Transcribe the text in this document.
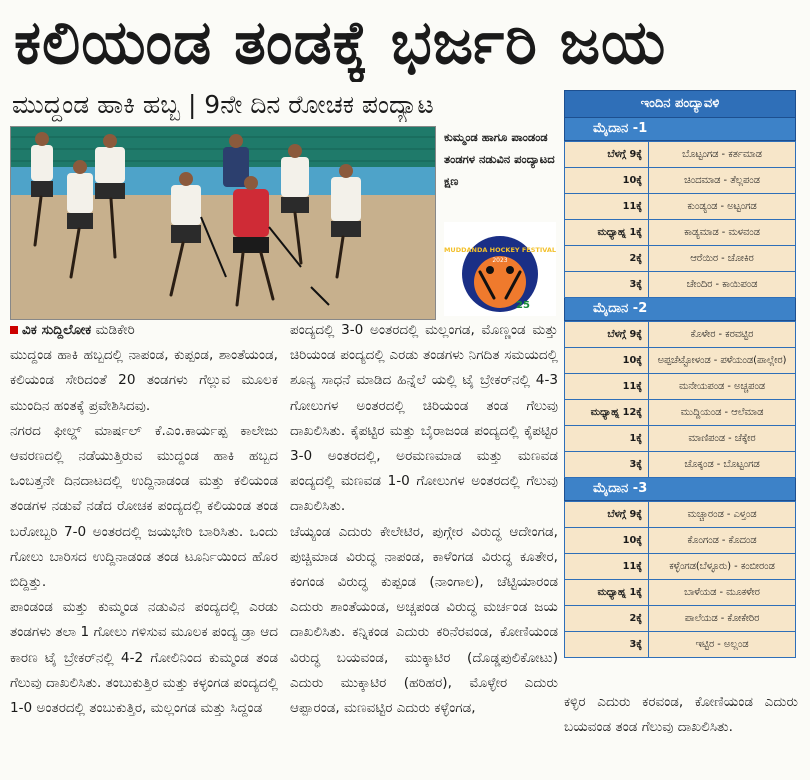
ಕಲಿಯಂಡ ತಂಡಕ್ಕೆ ಭರ್ಜರಿ ಜಯ
ಮುದ್ದಂಡ ಹಾಕಿ ಹಬ್ಬ | 9ನೇ ದಿನ ರೋಚಕ ಪಂದ್ಯಾಟ
ಕುಮ್ಮಂಡ ಹಾಗೂ ಪಾಂಡಂಡ ತಂಡಗಳ ನಡುವಿನ ಪಂದ್ಯಾಟದ ಕ್ಷಣ
MUDDANDA HOCKEY FESTIVAL
2023
25
ವಿಕ ಸುದ್ದಿಲೋಕ ಮಡಿಕೇರಿ
ಮುದ್ದಂಡ ಹಾಕಿ ಹಬ್ಬದಲ್ಲಿ ನಾಪಂಡ, ಕುಪ್ಪಂಡ, ಶಾಂತೆಯಂಡ, ಕಲಿಯಂಡ ಸೇರಿದಂತೆ 20 ತಂಡಗಳು ಗೆಲ್ಲುವ ಮೂಲಕ ಮುಂದಿನ ಹಂತಕ್ಕೆ ಪ್ರವೇಶಿಸಿದವು.
ನಗರದ ಫೀಲ್ಡ್ ಮಾರ್ಷಲ್ ಕೆ.ಎಂ.ಕಾರ್ಯಪ್ಪ ಕಾಲೇಜು ಆವರಣದಲ್ಲಿ ನಡೆಯುತ್ತಿರುವ ಮುದ್ದಂಡ ಹಾಕಿ ಹಬ್ಬದ ಒಂಬತ್ತನೇ ದಿನದಾಟದಲ್ಲಿ ಉದ್ದಿನಾಡಂಡ ಮತ್ತು ಕಲಿಯಂಡ ತಂಡಗಳ ನಡುವೆ ನಡೆದ ರೋಚಕ ಪಂದ್ಯದಲ್ಲಿ ಕಲಿಯಂಡ ತಂಡ ಬರೋಬ್ಬರಿ 7-0 ಅಂತರದಲ್ಲಿ ಜಯಭೇರಿ ಬಾರಿಸಿತು. ಒಂದು ಗೋಲು ಬಾರಿಸದ ಉದ್ದಿನಾಡಂಡ ತಂಡ ಟೂರ್ನಿಯಿಂದ ಹೊರ ಬಿದ್ದಿತ್ತು.
ಪಾಂಡಂಡ ಮತ್ತು ಕುಮ್ಮಂಡ ನಡುವಿನ ಪಂದ್ಯದಲ್ಲಿ ಎರಡು ತಂಡಗಳು ತಲಾ 1 ಗೋಲು ಗಳಿಸುವ ಮೂಲಕ ಪಂದ್ಯ ಡ್ರಾ ಆದ ಕಾರಣ ಟೈ ಬ್ರೇಕರ್‌ನಲ್ಲಿ 4-2 ಗೋಲಿನಿಂದ ಕುಮ್ಮಂಡ ತಂಡ ಗೆಲುವು ದಾಖಲಿಸಿತು. ತಂಬುಕುತ್ತಿರ ಮತ್ತು ಕಳ್ಳಂಗಡ ಪಂದ್ಯದಲ್ಲಿ 1-0 ಅಂತರದಲ್ಲಿ ತಂಬುಕುತ್ತಿರ, ಮಲ್ಲಂಗಡ ಮತ್ತು ಸಿದ್ದಂಡ
ಪಂದ್ಯದಲ್ಲಿ 3-0 ಅಂತರದಲ್ಲಿ ಮಲ್ಲಂಗಡ, ಮೊಣ್ಣಂಡ ಮತ್ತು ಚಿರಿಯಂಡ ಪಂದ್ಯದಲ್ಲಿ ಎರಡು ತಂಡಗಳು ನಿಗದಿತ ಸಮಯದಲ್ಲಿ ಶೂನ್ಯ ಸಾಧನೆ ಮಾಡಿದ ಹಿನ್ನೆಲೆ ಯಲ್ಲಿ ಟೈ ಬ್ರೇಕರ್‌ನಲ್ಲಿ 4-3 ಗೋಲುಗಳ ಅಂತರದಲ್ಲಿ ಚಿರಿಯಂಡ ತಂಡ ಗೆಲುವು ದಾಖಲಿಸಿತು. ಕೈಪಟ್ಟಿರ ಮತ್ತು ಬೈರಾಜಂಡ ಪಂದ್ಯದಲ್ಲಿ ಕೈಪಟ್ಟಿರ 3-0 ಅಂತರದಲ್ಲಿ, ಅರಮಣಮಾಡ ಮತ್ತು ಮಣವಡ ಪಂದ್ಯದಲ್ಲಿ ಮಣವಡ 1-0 ಗೋಲುಗಳ ಅಂತರದಲ್ಲಿ ಗೆಲುವು ದಾಖಲಿಸಿತು.
ಚೆಯ್ಯಂಡ ಎದುರು ಕೇಲೇಟಿರ, ಪುಗ್ಗೇರ ವಿರುದ್ಧ ಆದೇಂಗಡ, ಪುಚ್ಚಿಮಾಡ ವಿರುದ್ಧ ನಾಪಂಡ, ಕಾಳೆಂಗಡ ವಿರುದ್ಧ ಕೂತೇರ, ಕಂಗಂಡ ವಿರುದ್ಧ ಕುಪ್ಪಂಡ (ನಾಂಗಾಲ), ಚೆಟ್ಟಿಯಾರಂಡ ಎದುರು ಶಾಂತೆಯಂಡ, ಅಚ್ಚಪಂಡ ವಿರುದ್ಧ ಮರ್ಚಂಡ ಜಯ ದಾಖಲಿಸಿತು. ಕನ್ನಿಕಂಡ ಎದುರು ಕರಿನೆರವಂಡ, ಕೋಣಿಯಂಡ ವಿರುದ್ಧ ಬಯವಂಡ, ಮುಕ್ಕಾಟಿರ (ದೊಡ್ಡಪುಲಿಕೋಟು) ಎದುರು ಮುಕ್ಕಾಟಿರ (ಹರಿಹರ), ಮೊಳ್ಳೇರ ಎದುರು ಆಪ್ಪಾರಂಡ, ಮಣವಟ್ಟಿರ ಎದುರು ಕಳ್ಳೆಂಗಡ,	ಕಳ್ಳಿರ ಎದುರು ಕರವಂಡ, ಕೋಣಿಯಂಡ ಎದುರು ಬಯವಂಡ ತಂಡ ಗೆಲುವು ದಾಖಲಿಸಿತು.
ಇಂದಿನ ಪಂದ್ಯಾವಳಿ
ಮೈದಾನ -1
ಬೆಳಗ್ಗೆ 9ಕ್ಕೆ	ಬೊಟ್ಟಂಗಡ - ಕರ್ತಮಾಡ
10ಕ್ಕೆ	ಚಿಂದಮಾಡ - ತೆಲ್ಲಪಂಡ
11ಕ್ಕೆ	ಕುಂಡ್ಯಂಡ - ಅಟ್ಟಂಗಡ
ಮಧ್ಯಾಹ್ನ 1ಕ್ಕೆ	ಕಾಡ್ಯಮಾಡ - ಮಳವಂಡ
2ಕ್ಕೆ	ಆರೆಯಿರ - ಚೋಕಿರ
3ಕ್ಕೆ	ಚೇಂದಿರ - ಕಾಯಿಪಂಡ
ಮೈದಾನ -2
ಬೆಳಗ್ಗೆ 9ಕ್ಕೆ	ಕೊಳೇರ - ಕರವಟ್ಟಿರ
10ಕ್ಕೆ	ಅಪ್ಪಚೆಟ್ಟೋಳಂಡ - ಪಳೆಯಂಡ(ಪಾಲ್ಲೇರ)
11ಕ್ಕೆ	ಮನೇಯಪಂಡ - ಅಚ್ಚಪಂಡ
ಮಧ್ಯಾಹ್ನ 12ಕ್ಕೆ	ಮುದ್ದಿಯಂಡ - ಆಲೆಮಾಡ
1ಕ್ಕೆ	ಮಾಣಿಪಂಡ - ಚೆಕ್ಕೇರ
3ಕ್ಕೆ	ಚೊಕ್ಕಂಡ - ಬೊಟ್ಟಂಗಡ
ಮೈದಾನ -3
ಬೆಳಗ್ಗೆ 9ಕ್ಕೆ	ಮಚ್ಚಾರಂಡ - ಎಳ್ತಂಡ
10ಕ್ಕೆ	ಕೊಂಗಂಡ - ಕೊದಂಡ
11ಕ್ಕೆ	ಕಳ್ಳೆಂಗಡ(ಬೆಳ್ಳೂರು) - ಕಂಬೀರಂಡ
ಮಧ್ಯಾಹ್ನ 1ಕ್ಕೆ	ಬಾಳೆಯಡ - ಮೂಕಳೇರ
2ಕ್ಕೆ	ಪಾಲೆಯಡ - ಕೋಕೇರಿರ
3ಕ್ಕೆ	ಇಟ್ಟಿರ - ಅಲ್ಲಂಡ
